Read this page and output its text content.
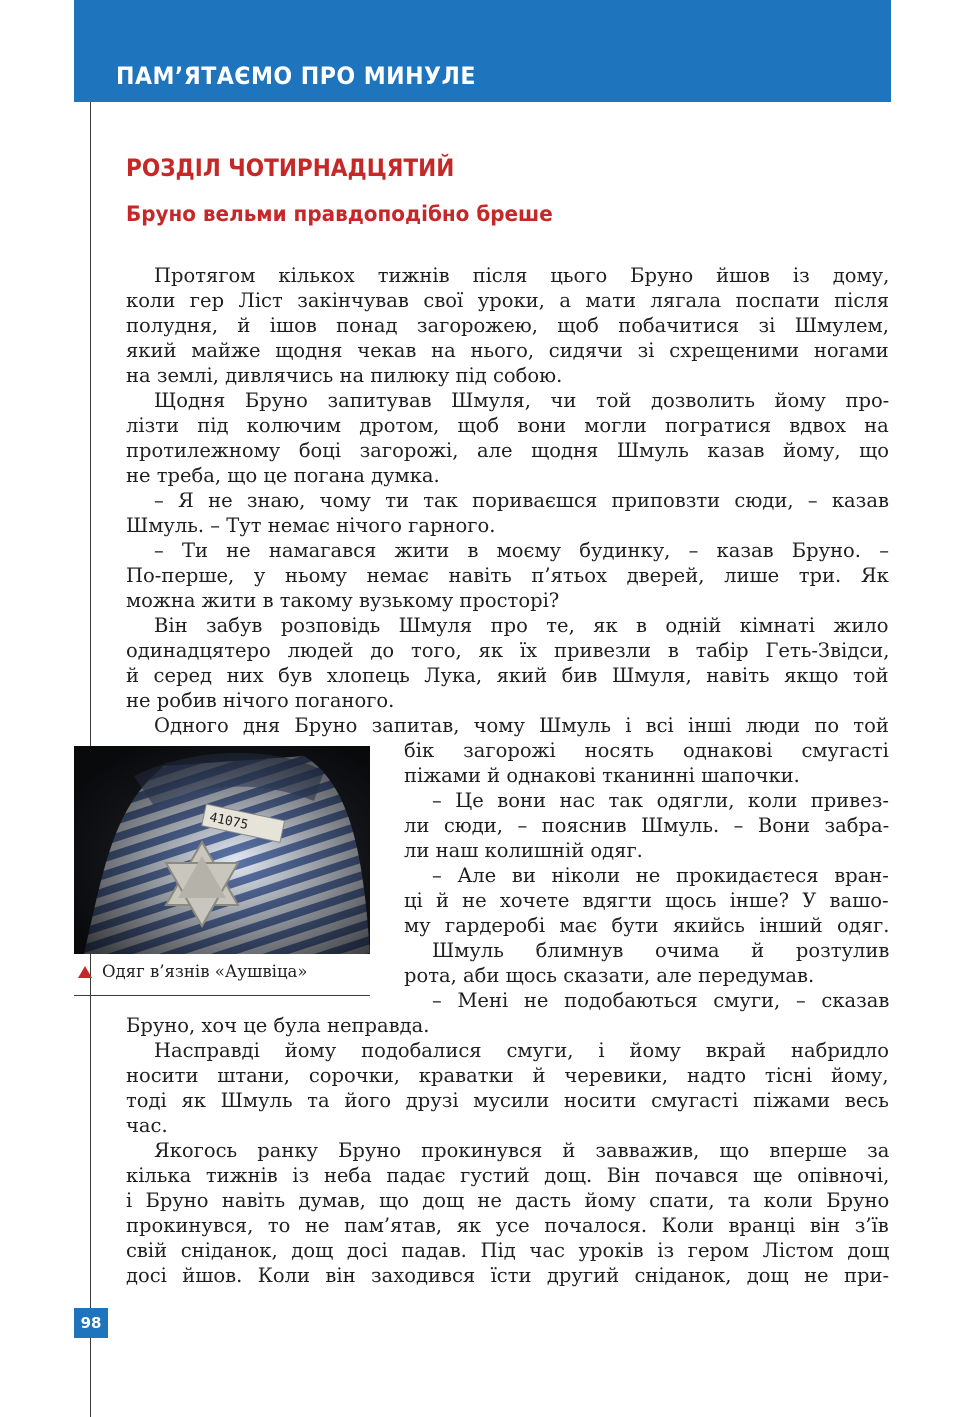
ПАМ’ЯТАЄМО ПРО МИНУЛЕ
РОЗДІЛ ЧОТИРНАДЦЯТИЙ
Бруно вельми правдоподібно бреше
Протягом кількох тижнів після цього Бруно йшов із дому,
коли гер Ліст закінчував свої уроки, а мати лягала поспати після
полудня, й ішов понад загорожею, щоб побачитися зі Шмулем,
який майже щодня чекав на нього, сидячи зі схрещеними ногами
на землі, дивлячись на пилюку під собою.
Щодня Бруно запитував Шмуля, чи той дозволить йому про-
лізти під колючим дротом, щоб вони могли погратися вдвох на
протилежному боці загорожі, але щодня Шмуль казав йому, що
не треба, що це погана думка.
– Я не знаю, чому ти так пориваєшся приповзти сюди, – казав
Шмуль. – Тут немає нічого гарного.
– Ти не намагався жити в моєму будинку, – казав Бруно. –
По-перше, у ньому немає навіть п’ятьох дверей, лише три. Як
можна жити в такому вузькому просторі?
Він забув розповідь Шмуля про те, як в одній кімнаті жило
одинадцятеро людей до того, як їх привезли в табір Геть-Звідси,
й серед них був хлопець Лука, який бив Шмуля, навіть якщо той
не робив нічого поганого.
Одного дня Бруно запитав, чому Шмуль і всі інші люди по той
бік загорожі носять однакові смугасті
піжами й однакові тканинні шапочки.
– Це вони нас так одягли, коли привез-
ли сюди, – пояснив Шмуль. – Вони забра-
ли наш колишній одяг.
– Але ви ніколи не прокидаєтеся вран-
ці й не хочете вдягти щось інше? У вашо-
му гардеробі має бути якийсь інший одяг.
Шмуль блимнув очима й розтулив
рота, аби щось сказати, але передумав.
– Мені не подобаються смуги, – сказав
Бруно, хоч це була неправда.
Насправді йому подобалися смуги, і йому вкрай набридло
носити штани, сорочки, краватки й черевики, надто тісні йому,
тоді як Шмуль та його друзі мусили носити смугасті піжами весь
час.
Якогось ранку Бруно прокинувся й завважив, що вперше за
кілька тижнів із неба падає густий дощ. Він почався ще опівночі,
і Бруно навіть думав, що дощ не дасть йому спати, та коли Бруно
прокинувся, то не пам’ятав, як усе почалося. Коли вранці він з’їв
свій сніданок, дощ досі падав. Під час уроків із гером Лістом дощ
досі йшов. Коли він заходився їсти другий сніданок, дощ не при-
41075
Одяг в’язнів «Аушвіца»
98
